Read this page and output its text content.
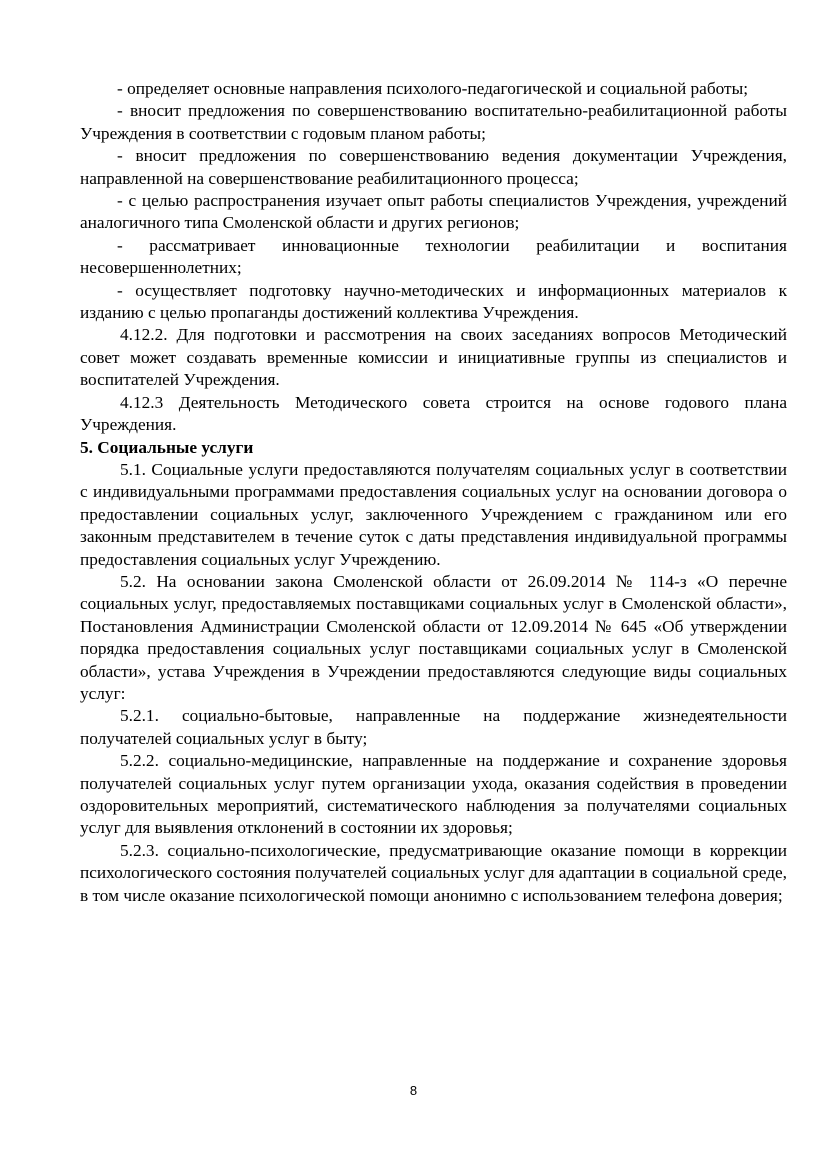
- определяет основные направления психолого-педагогической и социальной работы;

- вносит предложения по совершенствованию воспитательно-реабилитационной работы Учреждения в соответствии с годовым планом работы;

- вносит предложения по совершенствованию ведения документации Учреждения, направленной на совершенствование реабилитационного процесса;

- с целью распространения изучает опыт работы специалистов Учреждения, учреждений аналогичного типа Смоленской области и других регионов;

- рассматривает инновационные технологии реабилитации и воспитания несовершеннолетних;

- осуществляет подготовку научно-методических и информационных материалов к изданию с целью пропаганды достижений коллектива Учреждения.

4.12.2. Для подготовки и рассмотрения на своих заседаниях вопросов Методический совет может создавать временные комиссии и инициативные группы из специалистов и воспитателей Учреждения.

4.12.3 Деятельность Методического совета строится на основе годового плана Учреждения.

5. Социальные услуги

5.1. Социальные услуги предоставляются получателям социальных услуг в соответствии с индивидуальными программами предоставления социальных услуг на основании договора о предоставлении социальных услуг, заключенного Учреждением с гражданином или его законным представителем в течение суток с даты представления индивидуальной программы предоставления социальных услуг Учреждению.

5.2. На основании закона Смоленской области от 26.09.2014 № 114-з «О перечне социальных услуг, предоставляемых поставщиками социальных услуг в Смоленской области», Постановления Администрации Смоленской области от 12.09.2014 № 645 «Об утверждении порядка предоставления социальных услуг поставщиками социальных услуг в Смоленской области», устава Учреждения в Учреждении предоставляются следующие виды социальных услуг:

5.2.1. социально-бытовые, направленные на поддержание жизнедеятельности получателей социальных услуг в быту;

5.2.2. социально-медицинские, направленные на поддержание и сохранение здоровья получателей социальных услуг путем организации ухода, оказания содействия в проведении оздоровительных мероприятий, систематического наблюдения за получателями социальных услуг для выявления отклонений в состоянии их здоровья;

5.2.3. социально-психологические, предусматривающие оказание помощи в коррекции психологического состояния получателей социальных услуг для адаптации в социальной среде, в том числе оказание психологической помощи анонимно с использованием телефона доверия;

8
